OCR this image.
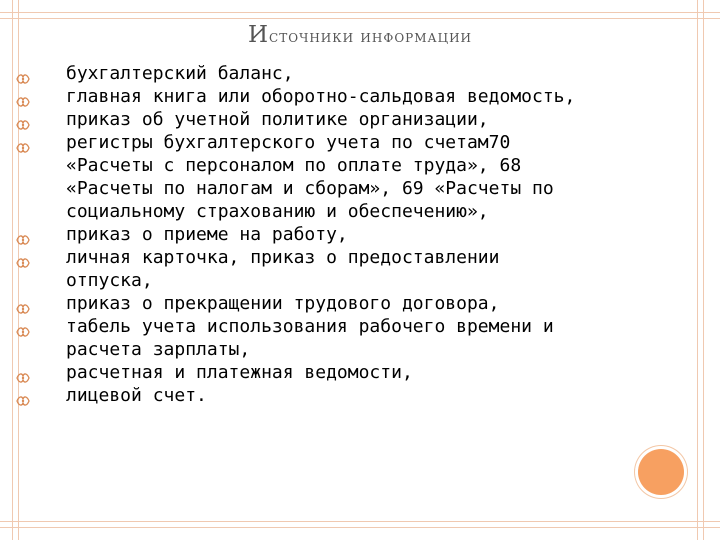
Источники информации
бухгалтерский баланс,
главная книга или оборотно-сальдовая ведомость,
приказ об учетной политике организации,
регистры бухгалтерского учета по счетам70
«Расчеты с персоналом по оплате труда», 68
«Расчеты по налогам и сборам», 69 «Расчеты по
социальному страхованию и обеспечению»,
приказ о приеме на работу,
личная карточка, приказ о предоставлении
отпуска,
приказ о прекращении трудового договора,
табель учета использования рабочего времени и
расчета зарплаты,
расчетная и платежная ведомости,
лицевой счет.
